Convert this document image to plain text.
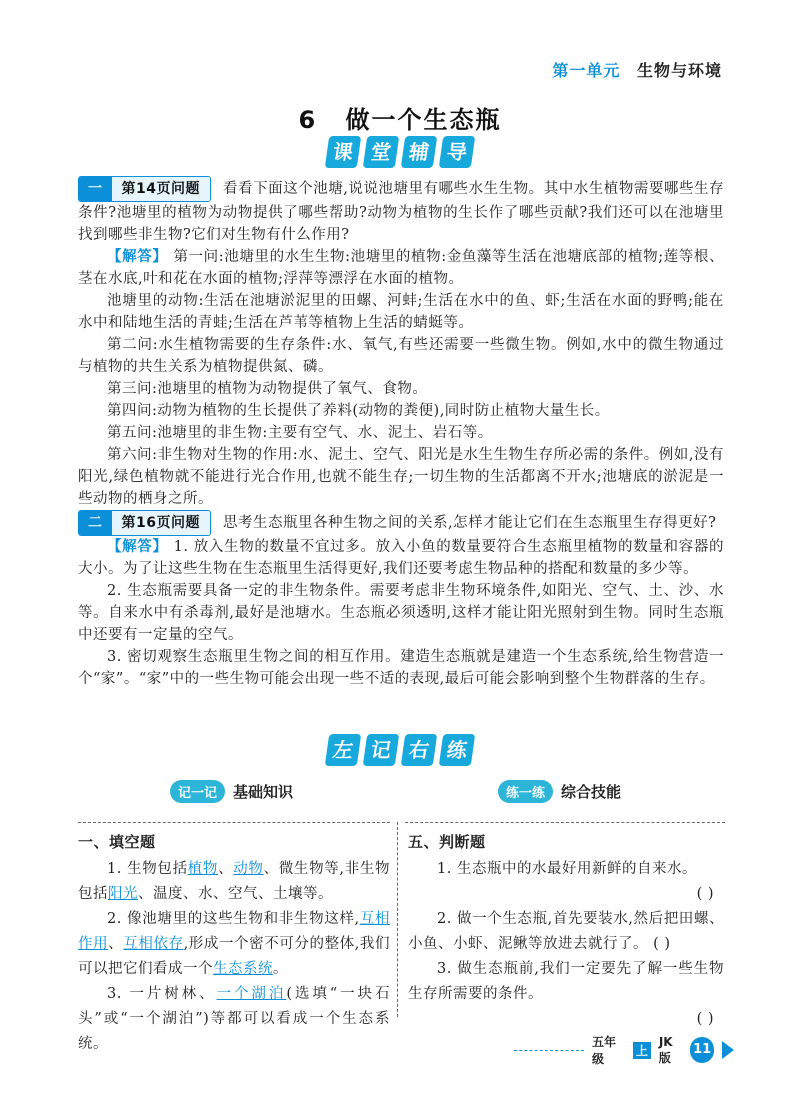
第一单元 生物与环境
6 做一个生态瓶
课 堂 辅 导
一 第14页问题 看看下面这个池塘,说说池塘里有哪些水生生物。其中水生植物需要哪些生存条件?池塘里的植物为动物提供了哪些帮助?动物为植物的生长作了哪些贡献?我们还可以在池塘里找到哪些非生物?它们对生物有什么作用?
【解答】 第一问:池塘里的水生生物:池塘里的植物:金鱼藻等生活在池塘底部的植物;莲等根、茎在水底,叶和花在水面的植物;浮萍等漂浮在水面的植物。
池塘里的动物:生活在池塘淤泥里的田螺、河蚌;生活在水中的鱼、虾;生活在水面的野鸭;能在水中和陆地生活的青蛙;生活在芦苇等植物上生活的蜻蜓等。
第二问:水生植物需要的生存条件:水、氧气,有些还需要一些微生物。例如,水中的微生物通过与植物的共生关系为植物提供氮、磷。
第三问:池塘里的植物为动物提供了氧气、食物。
第四问:动物为植物的生长提供了养料(动物的粪便),同时防止植物大量生长。
第五问:池塘里的非生物:主要有空气、水、泥土、岩石等。
第六问:非生物对生物的作用:水、泥土、空气、阳光是水生生物生存所必需的条件。例如,没有阳光,绿色植物就不能进行光合作用,也就不能生存;一切生物的生活都离不开水;池塘底的淤泥是一些动物的栖身之所。
二 第16页问题 思考生态瓶里各种生物之间的关系,怎样才能让它们在生态瓶里生存得更好?
【解答】 1. 放入生物的数量不宜过多。放入小鱼的数量要符合生态瓶里植物的数量和容器的大小。为了让这些生物在生态瓶里生活得更好,我们还要考虑生物品种的搭配和数量的多少等。
2. 生态瓶需要具备一定的非生物条件。需要考虑非生物环境条件,如阳光、空气、土、沙、水等。自来水中有杀毒剂,最好是池塘水。生态瓶必须透明,这样才能让阳光照射到生物。同时生态瓶中还要有一定量的空气。
3. 密切观察生态瓶里生物之间的相互作用。建造生态瓶就是建造一个生态系统,给生物营造一个“家”。“家”中的一些生物可能会出现一些不适的表现,最后可能会影响到整个生物群落的生存。
左 记 右 练
记一记	基础知识	练一练	综合技能
一、填空题

1. 生物包括植物、动物、微生物等,非生物包括阳光、温度、水、空气、土壤等。

2. 像池塘里的这些生物和非生物这样,互相作用、互相依存,形成一个密不可分的整体,我们可以把它们看成一个生态系统。

3. 一片树林、一个湖泊(选填“一块石头”或“一个湖泊”)等都可以看成一个生态系统。

五、判断题

1. 生态瓶中的水最好用新鲜的自来水。

( )

2. 做一个生态瓶,首先要装水,然后把田螺、小鱼、小虾、泥鳅等放进去就行了。 ( )

3. 做生态瓶前,我们一定要先了解一些生物生存所需要的条件。

( )
五年级
上
JK版
11
